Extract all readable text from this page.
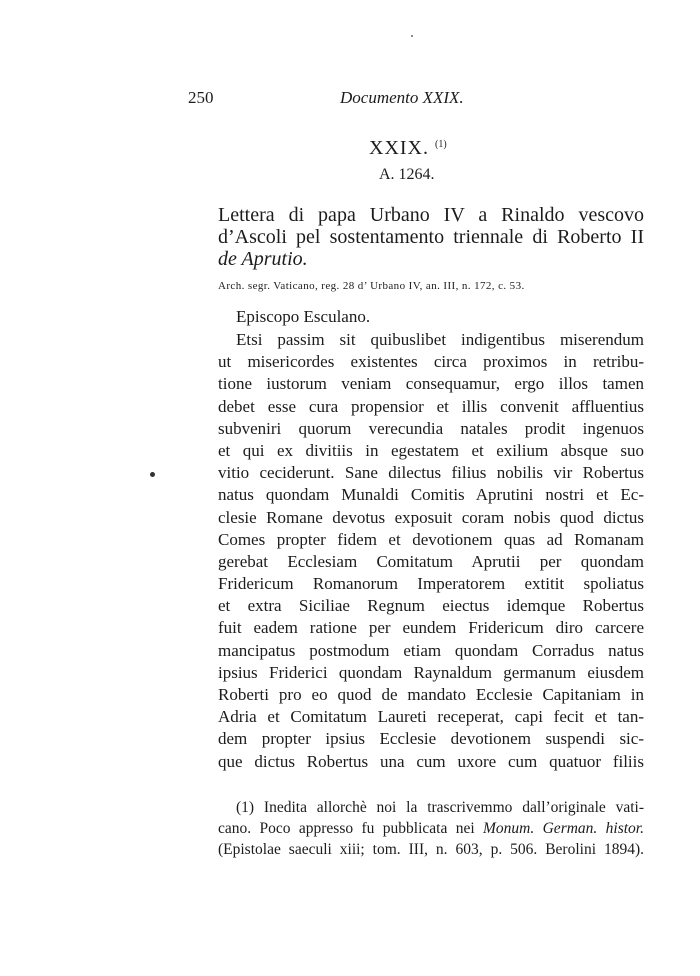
250	Documento XXIX.
XXIX. $^{(1)}$
A. 1264.
Lettera di papa Urbano IV a Rinaldo vescovo
d’Ascoli pel sostentamento triennale di Roberto II
de Aprutio.
Arch. segr. Vaticano, reg. 28 d’ Urbano IV, an. III, n. 172, c. 53.
Episcopo Esculano.
Etsi passim sit quibuslibet indigentibus miserendum
ut misericordes existentes circa proximos in retribu-
tione iustorum veniam consequamur, ergo illos tamen
debet esse cura propensior et illis convenit affluentius
subveniri quorum verecundia natales prodit ingenuos
et qui ex divitiis in egestatem et exilium absque suo
vitio ceciderunt. Sane dilectus filius nobilis vir Robertus
natus quondam Munaldi Comitis Aprutini nostri et Ec-
clesie Romane devotus exposuit coram nobis quod dictus
Comes propter fidem et devotionem quas ad Romanam
gerebat Ecclesiam Comitatum Aprutii per quondam
Fridericum Romanorum Imperatorem extitit spoliatus
et extra Siciliae Regnum eiectus idemque Robertus
fuit eadem ratione per eundem Fridericum diro carcere
mancipatus postmodum etiam quondam Corradus natus
ipsius Friderici quondam Raynaldum germanum eiusdem
Roberti pro eo quod de mandato Ecclesie Capitaniam in
Adria et Comitatum Laureti receperat, capi fecit et tan-
dem propter ipsius Ecclesie devotionem suspendi sic-
que dictus Robertus una cum uxore cum quatuor filiis
(1) Inedita allorchè noi la trascrivemmo dall’originale vati-
cano. Poco appresso fu pubblicata nei Monum. German. histor.
(Epistolae saeculi xiii; tom. III, n. 603, p. 506. Berolini 1894).
